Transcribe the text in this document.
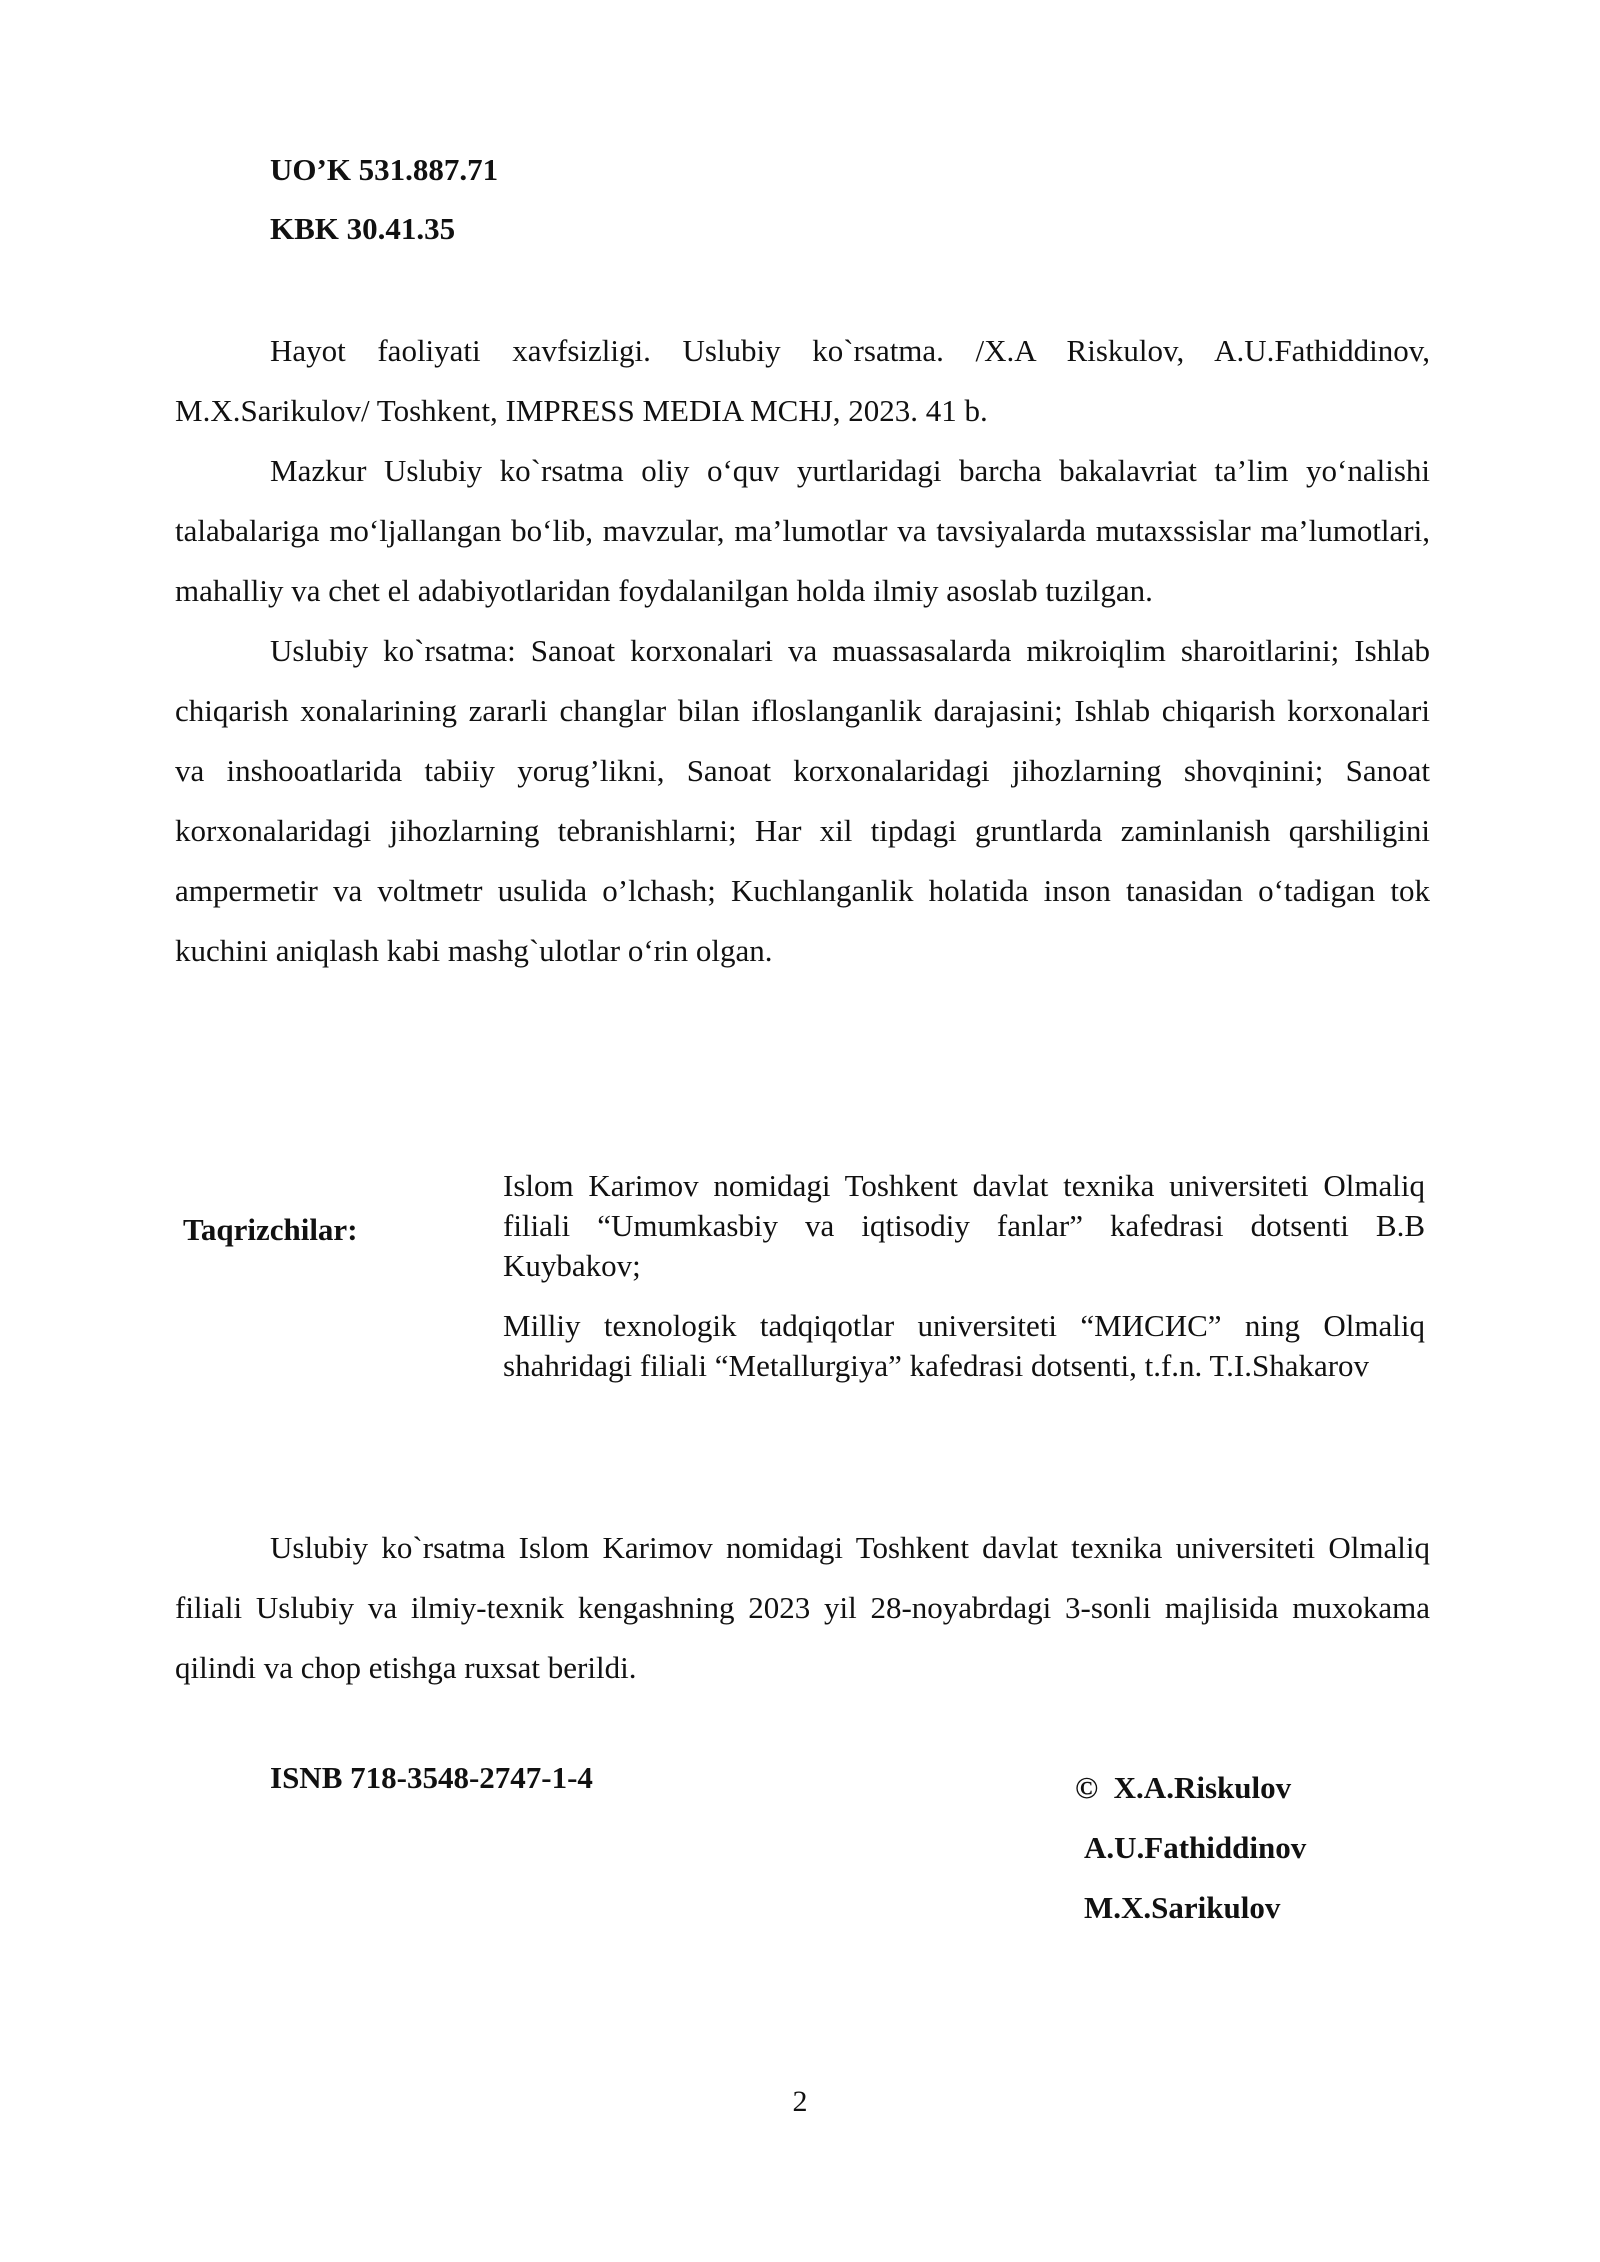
UO’K 531.887.71
KBK 30.41.35

Hayot faoliyati xavfsizligi. Uslubiy ko`rsatma. /X.A Riskulov, A.U.Fathiddinov, M.X.Sarikulov/ Toshkent, IMPRESS MEDIA MCHJ, 2023. 41 b.

Mazkur Uslubiy ko`rsatma oliy o‘quv yurtlaridagi barcha bakalavriat ta’lim yo‘nalishi talabalariga mo‘ljallangan bo‘lib, mavzular, ma’lumotlar va tavsiyalarda mutaxssislar ma’lumotlari, mahalliy va chet el adabiyotlaridan foydalanilgan holda ilmiy asoslab tuzilgan.

Uslubiy ko`rsatma: Sanoat korxonalari va muassasalarda mikroiqlim sharoitlarini; Ishlab chiqarish xonalarining zararli changlar bilan ifloslanganlik darajasini; Ishlab chiqarish korxonalari va inshooatlarida tabiiy yorug’likni, Sanoat korxonalaridagi jihozlarning shovqinini; Sanoat korxonalaridagi jihozlarning tebranishlarni; Har xil tipdagi gruntlarda zaminlanish qarshiligini ampermetir va voltmetr usulida o’lchash; Kuchlanganlik holatida inson tanasidan o‘tadigan tok kuchini aniqlash kabi mashg`ulotlar o‘rin olgan.

Taqrizchilar:

Islom Karimov nomidagi Toshkent davlat texnika universiteti Olmaliq filiali “Umumkasbiy va iqtisodiy fanlar” kafedrasi dotsenti B.B Kuybakov;

Milliy texnologik tadqiqotlar universiteti “МИСИС” ning Olmaliq shahridagi filiali “Metallurgiya” kafedrasi dotsenti, t.f.n. T.I.Shakarov

Uslubiy ko`rsatma Islom Karimov nomidagi Toshkent davlat texnika universiteti Olmaliq filiali Uslubiy va ilmiy-texnik kengashning 2023 yil 28-noyabrdagi 3-sonli majlisida muxokama qilindi va chop etishga ruxsat berildi.

ISNB 718-3548-2747-1-4	© X.A.Riskulov
A.U.Fathiddinov
M.X.Sarikulov
2
